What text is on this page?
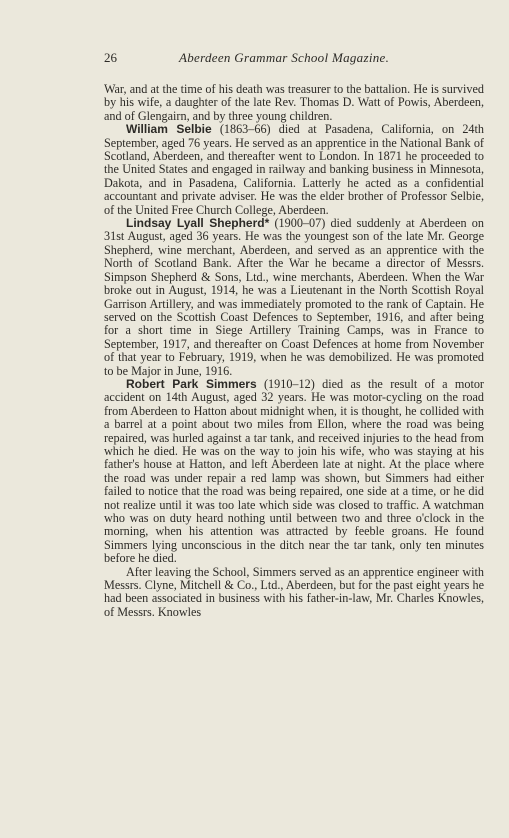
26	Aberdeen Grammar School Magazine.

War, and at the time of his death was treasurer to the battalion. He is survived by his wife, a daughter of the late Rev. Thomas D. Watt of Powis, Aberdeen, and of Glengairn, and by three young children.

William Selbie (1863–66) died at Pasadena, California, on 24th September, aged 76 years. He served as an apprentice in the National Bank of Scotland, Aberdeen, and thereafter went to London. In 1871 he proceeded to the United States and engaged in railway and banking business in Minnesota, Dakota, and in Pasadena, California. Latterly he acted as a confidential accountant and private adviser. He was the elder brother of Professor Selbie, of the United Free Church College, Aberdeen.

Lindsay Lyall Shepherd* (1900–07) died suddenly at Aberdeen on 31st August, aged 36 years. He was the youngest son of the late Mr. George Shepherd, wine merchant, Aberdeen, and served as an apprentice with the North of Scotland Bank. After the War he became a director of Messrs. Simpson Shepherd & Sons, Ltd., wine merchants, Aberdeen. When the War broke out in August, 1914, he was a Lieutenant in the North Scottish Royal Garrison Artillery, and was immediately promoted to the rank of Captain. He served on the Scottish Coast Defences to September, 1916, and after being for a short time in Siege Artillery Training Camps, was in France to September, 1917, and thereafter on Coast Defences at home from November of that year to February, 1919, when he was demobilized. He was promoted to be Major in June, 1916.

Robert Park Simmers (1910–12) died as the result of a motor accident on 14th August, aged 32 years. He was motor-cycling on the road from Aberdeen to Hatton about midnight when, it is thought, he collided with a barrel at a point about two miles from Ellon, where the road was being repaired, was hurled against a tar tank, and received injuries to the head from which he died. He was on the way to join his wife, who was staying at his father's house at Hatton, and left Aberdeen late at night. At the place where the road was under repair a red lamp was shown, but Simmers had either failed to notice that the road was being repaired, one side at a time, or he did not realize until it was too late which side was closed to traffic. A watchman who was on duty heard nothing until between two and three o'clock in the morning, when his attention was attracted by feeble groans. He found Simmers lying unconscious in the ditch near the tar tank, only ten minutes before he died.

After leaving the School, Simmers served as an apprentice engineer with Messrs. Clyne, Mitchell & Co., Ltd., Aberdeen, but for the past eight years he had been associated in business with his father-in-law, Mr. Charles Knowles, of Messrs. Knowles
